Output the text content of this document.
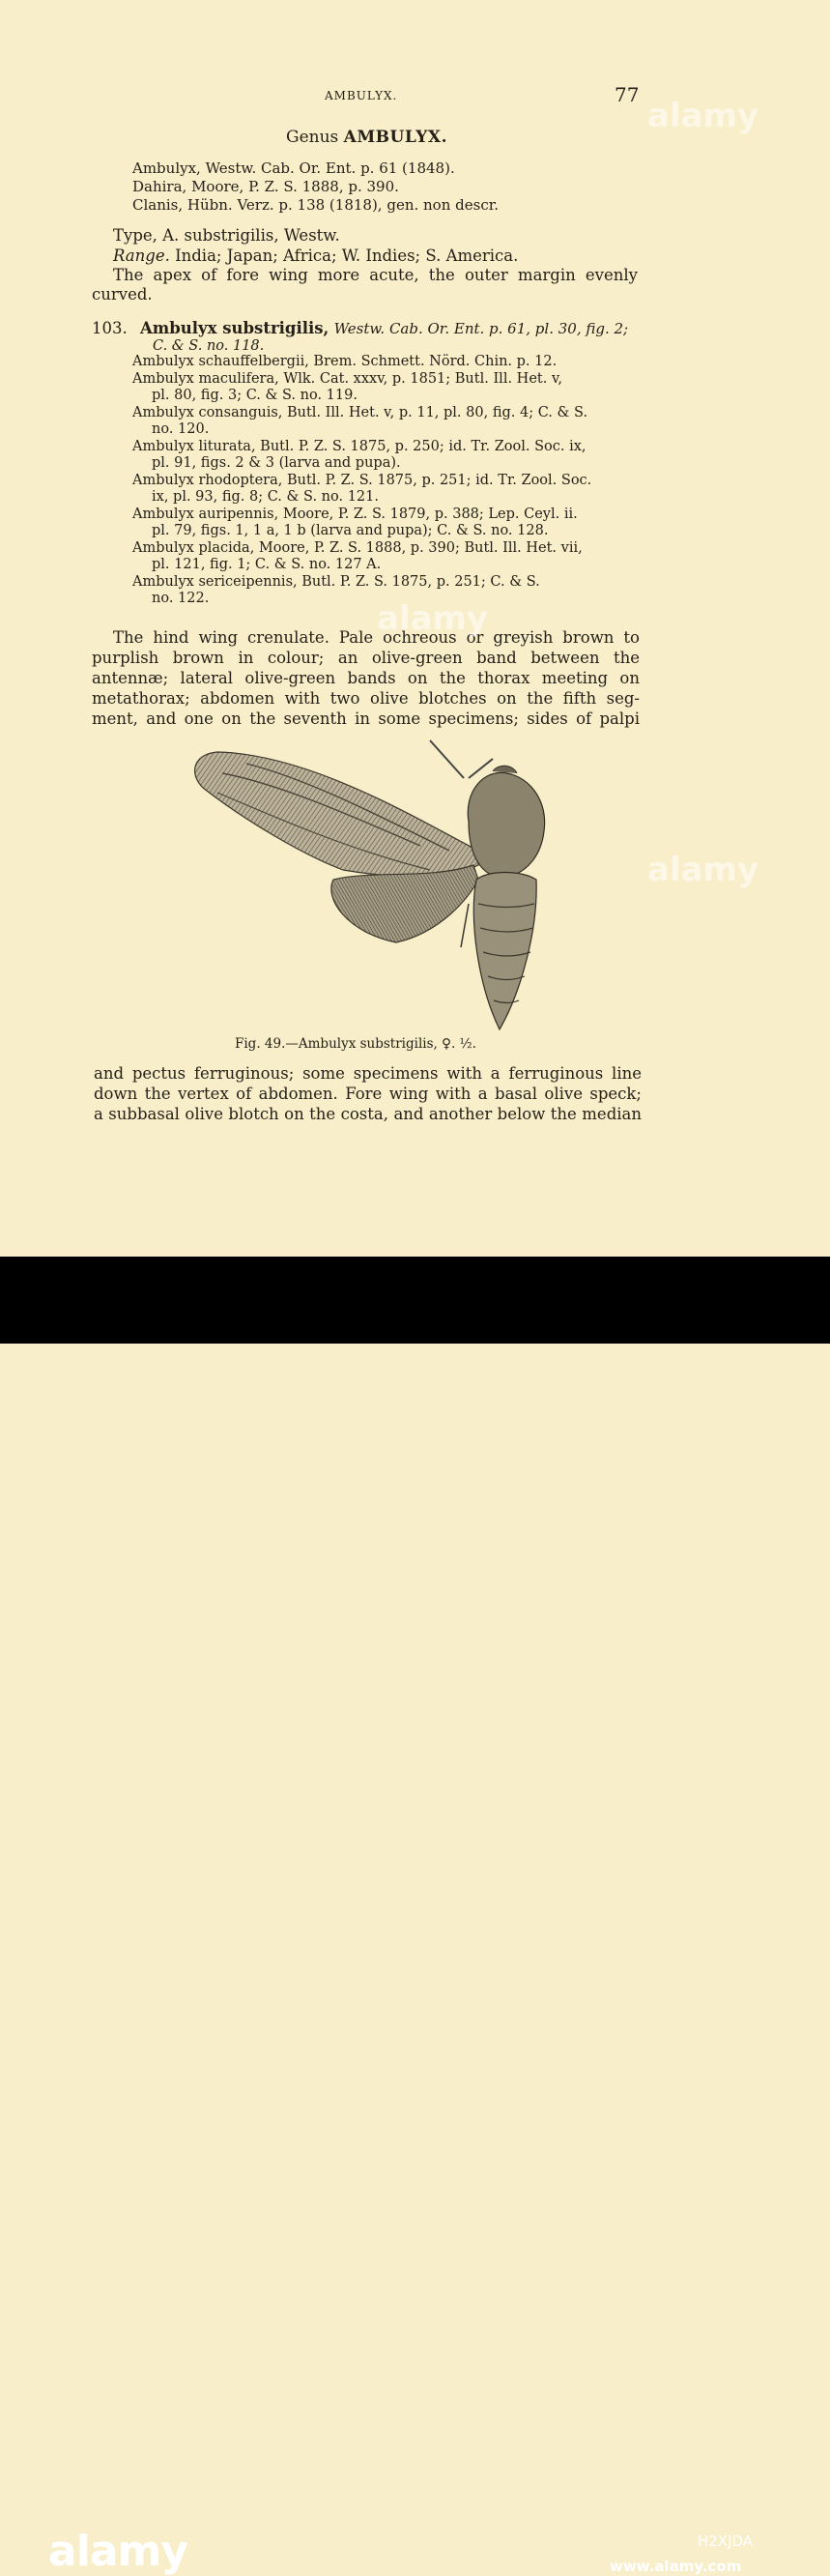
AMBULYX.	77
Genus AMBULYX.
Ambulyx, Westw. Cab. Or. Ent. p. 61 (1848).
Dahira, Moore, P. Z. S. 1888, p. 390.
Clanis, Hübn. Verz. p. 138 (1818), gen. non descr.
Type, A. substrigilis, Westw.
Range. India; Japan; Africa; W. Indies; S. America.
The apex of fore wing more acute, the outer margin evenly
curved.
103. Ambulyx substrigilis, Westw. Cab. Or. Ent. p. 61, pl. 30, fig. 2;
C. & S. no. 118.
Ambulyx schauffelbergii, Brem. Schmett. Nörd. Chin. p. 12.
Ambulyx maculifera, Wlk. Cat. xxxv, p. 1851; Butl. Ill. Het. v,
pl. 80, fig. 3; C. & S. no. 119.
Ambulyx consanguis, Butl. Ill. Het. v, p. 11, pl. 80, fig. 4; C. & S.
no. 120.
Ambulyx liturata, Butl. P. Z. S. 1875, p. 250; id. Tr. Zool. Soc. ix,
pl. 91, figs. 2 & 3 (larva and pupa).
Ambulyx rhodoptera, Butl. P. Z. S. 1875, p. 251; id. Tr. Zool. Soc.
ix, pl. 93, fig. 8; C. & S. no. 121.
Ambulyx auripennis, Moore, P. Z. S. 1879, p. 388; Lep. Ceyl. ii.
pl. 79, figs. 1, 1 a, 1 b (larva and pupa); C. & S. no. 128.
Ambulyx placida, Moore, P. Z. S. 1888, p. 390; Butl. Ill. Het. vii,
pl. 121, fig. 1; C. & S. no. 127 A.
Ambulyx sericeipennis, Butl. P. Z. S. 1875, p. 251; C. & S.
no. 122.
The hind wing crenulate. Pale ochreous or greyish brown to
purplish brown in colour; an olive-green band between the
antennæ; lateral olive-green bands on the thorax meeting on
metathorax; abdomen with two olive blotches on the fifth seg-
ment, and one on the seventh in some specimens; sides of palpi
Fig. 49.—Ambulyx substrigilis, ♀. ½.
and pectus ferruginous; some specimens with a ferruginous line
down the vertex of abdomen. Fore wing with a basal olive speck;
a subbasal olive blotch on the costa, and another below the median
alamy
alamy
alamy
alamy	H2XJDA
www.alamy.com
